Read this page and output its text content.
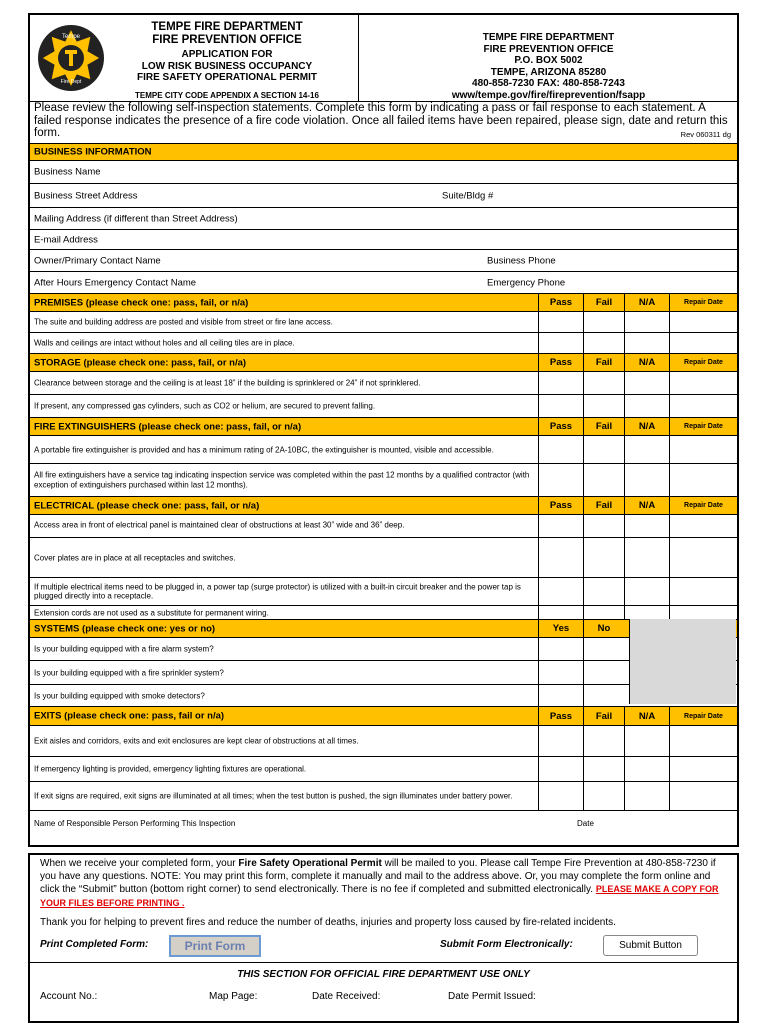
Tempe
Fire Dept
TEMPE FIRE DEPARTMENT
FIRE PREVENTION OFFICE
APPLICATION FOR
LOW RISK BUSINESS OCCUPANCY
FIRE SAFETY OPERATIONAL PERMIT
TEMPE CITY CODE APPENDIX A SECTION 14-16
TEMPE FIRE DEPARTMENT
FIRE PREVENTION OFFICE
P.O. BOX 5002
TEMPE, ARIZONA 85280
480-858-7230 FAX: 480-858-7243
www/tempe.gov/fire/fireprevention/fsapp
Please review the following self-inspection statements. Complete this form by indicating a pass or fail response to each statement. A failed response indicates the presence of a fire code violation. Once all failed items have been repaired, please sign, date and return this form.	Rev 060311 dg
BUSINESS INFORMATION
Business Name
Business Street Address	Suite/Bldg #
Mailing Address (if different than Street Address)
E-mail Address
Owner/Primary Contact Name	Business Phone
After Hours Emergency Contact Name	Emergency Phone
PREMISES (please check one: pass, fail, or n/a)	Pass	Fail	N/A	Repair Date
The suite and building address are posted and visible from street or fire lane access.
Walls and ceilings are intact without holes and all ceiling tiles are in place.
STORAGE (please check one: pass, fail, or n/a)	Pass	Fail	N/A	Repair Date
Clearance between storage and the ceiling is at least 18” if the building is sprinklered or 24” if not sprinklered.
If present, any compressed gas cylinders, such as CO2 or helium, are secured to prevent falling.
FIRE EXTINGUISHERS (please check one: pass, fail, or n/a)	Pass	Fail	N/A	Repair Date
A portable fire extinguisher is provided and has a minimum rating of 2A-10BC, the extinguisher is mounted, visible and accessible.
All fire extinguishers have a service tag indicating inspection service was completed within the past 12 months by a qualified contractor (with exception of extinguishers purchased within last 12 months).
ELECTRICAL (please check one: pass, fail, or n/a)	Pass	Fail	N/A	Repair Date
Access area in front of electrical panel is maintained clear of obstructions at least 30” wide and 36” deep.
Cover plates are in place at all receptacles and switches.
If multiple electrical items need to be plugged in, a power tap (surge protector) is utilized with a built-in circuit breaker and the power tap is plugged directly into a receptacle.
Extension cords are not used as a substitute for permanent wiring.
SYSTEMS (please check one: yes or no)	Yes	No
Is your building equipped with a fire alarm system?
Is your building equipped with a fire sprinkler system?
Is your building equipped with smoke detectors?
EXITS (please check one: pass, fail or n/a)	Pass	Fail	N/A	Repair Date
Exit aisles and corridors, exits and exit enclosures are kept clear of obstructions at all times.
If emergency lighting is provided, emergency lighting fixtures are operational.
If exit signs are required, exit signs are illuminated at all times; when the test button is pushed, the sign illuminates under battery power.
Name of Responsible Person Performing This Inspection	Date

When we receive your completed form, your Fire Safety Operational Permit will be mailed to you. Please call Tempe Fire Prevention at 480-858-7230 if you have any questions. NOTE: You may print this form, complete it manually and mail to the address above. Or, you may complete the form online and click the “Submit” button (bottom right corner) to send electronically. There is no fee if completed and submitted electronically. PLEASE MAKE A COPY FOR YOUR FILES BEFORE PRINTING .

Thank you for helping to prevent fires and reduce the number of deaths, injuries and property loss caused by fire-related incidents.

Print Completed Form:	Print Form	Submit Form Electronically:	Submit Button
THIS SECTION FOR OFFICIAL FIRE DEPARTMENT USE ONLY
Account No.:	Map Page:	Date Received:	Date Permit Issued:
